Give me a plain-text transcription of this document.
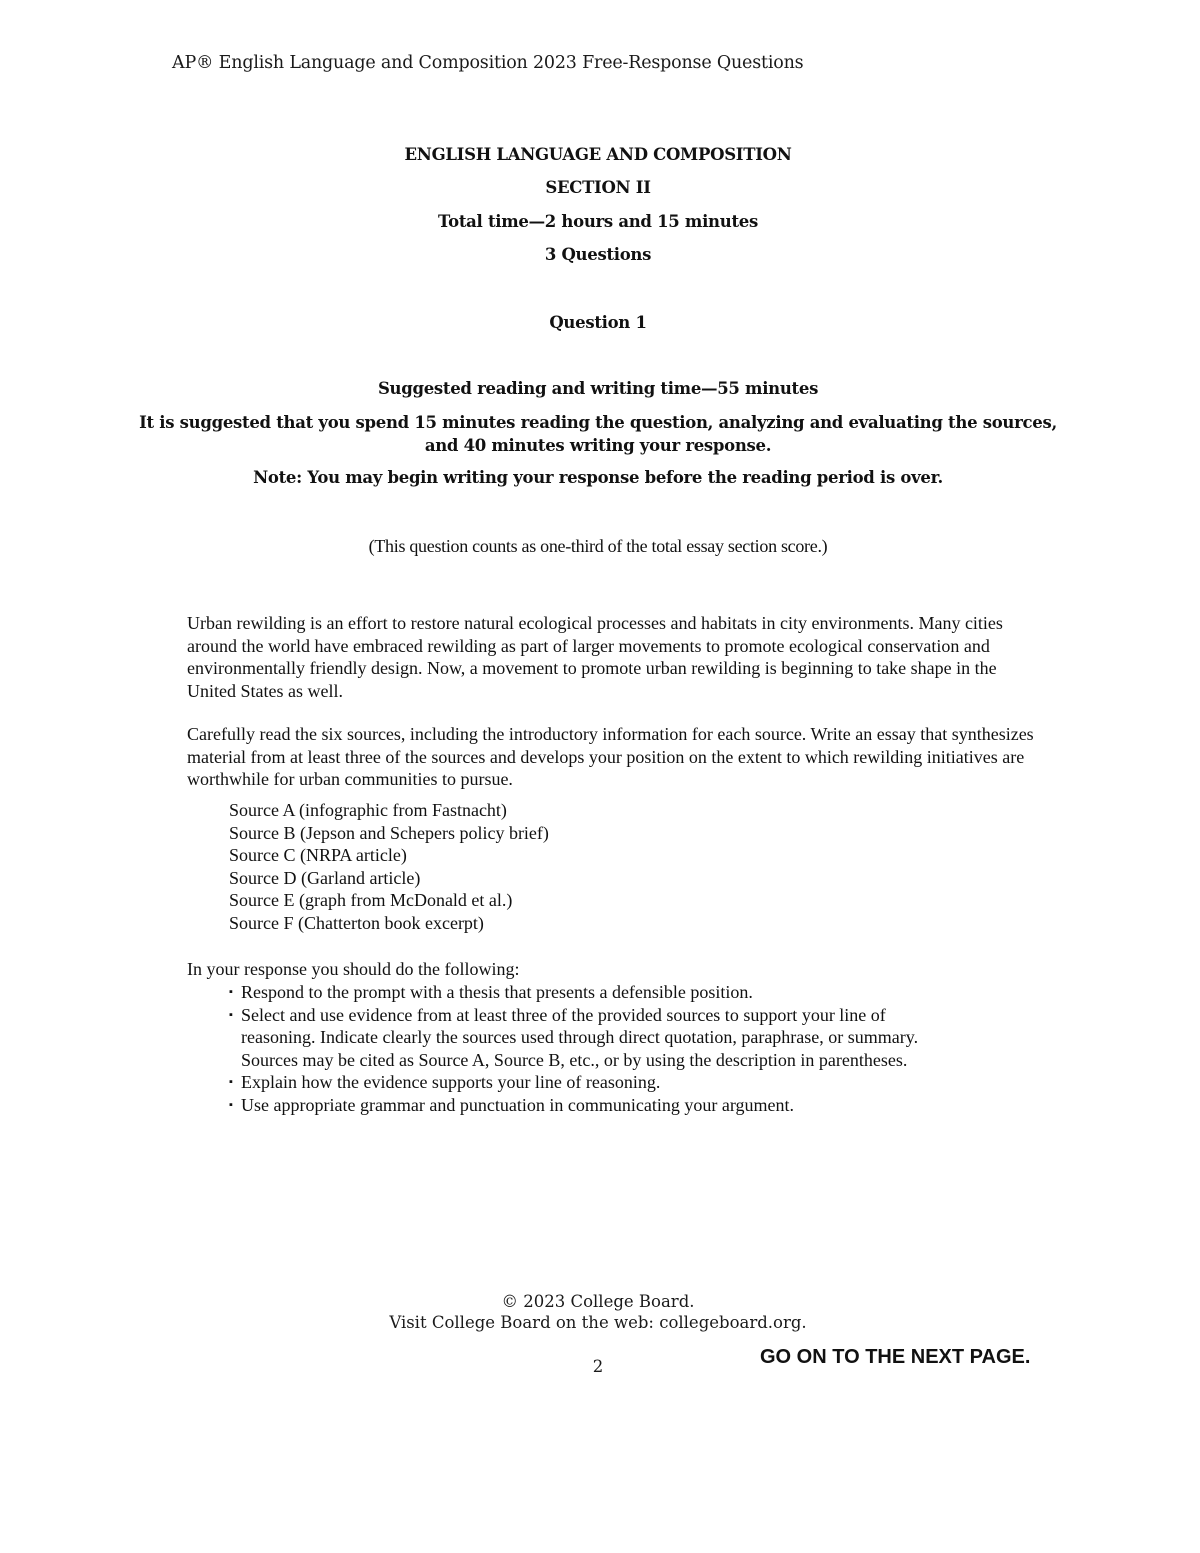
AP® English Language and Composition 2023 Free-Response Questions
ENGLISH LANGUAGE AND COMPOSITION
SECTION II
Total time—2 hours and 15 minutes
3 Questions
Question 1
Suggested reading and writing time—55 minutes
It is suggested that you spend 15 minutes reading the question, analyzing and evaluating the sources,
and 40 minutes writing your response.
Note: You may begin writing your response before the reading period is over.
(This question counts as one-third of the total essay section score.)

Urban rewilding is an effort to restore natural ecological processes and habitats in city environments. Many cities around the world have embraced rewilding as part of larger movements to promote ecological conservation and environmentally friendly design. Now, a movement to promote urban rewilding is beginning to take shape in the United States as well.

Carefully read the six sources, including the introductory information for each source. Write an essay that synthesizes material from at least three of the sources and develops your position on the extent to which rewilding initiatives are worthwhile for urban communities to pursue.

Source A (infographic from Fastnacht)
Source B (Jepson and Schepers policy brief)
Source C (NRPA article)
Source D (Garland article)
Source E (graph from McDonald et al.)
Source F (Chatterton book excerpt)
In your response you should do the following:
▪ Respond to the prompt with a thesis that presents a defensible position.
▪ Select and use evidence from at least three of the provided sources to support your line of
reasoning. Indicate clearly the sources used through direct quotation, paraphrase, or summary.
Sources may be cited as Source A, Source B, etc., or by using the description in parentheses.
▪ Explain how the evidence supports your line of reasoning.
▪ Use appropriate grammar and punctuation in communicating your argument.
© 2023 College Board.
Visit College Board on the web: collegeboard.org.
2	GO ON TO THE NEXT PAGE.
